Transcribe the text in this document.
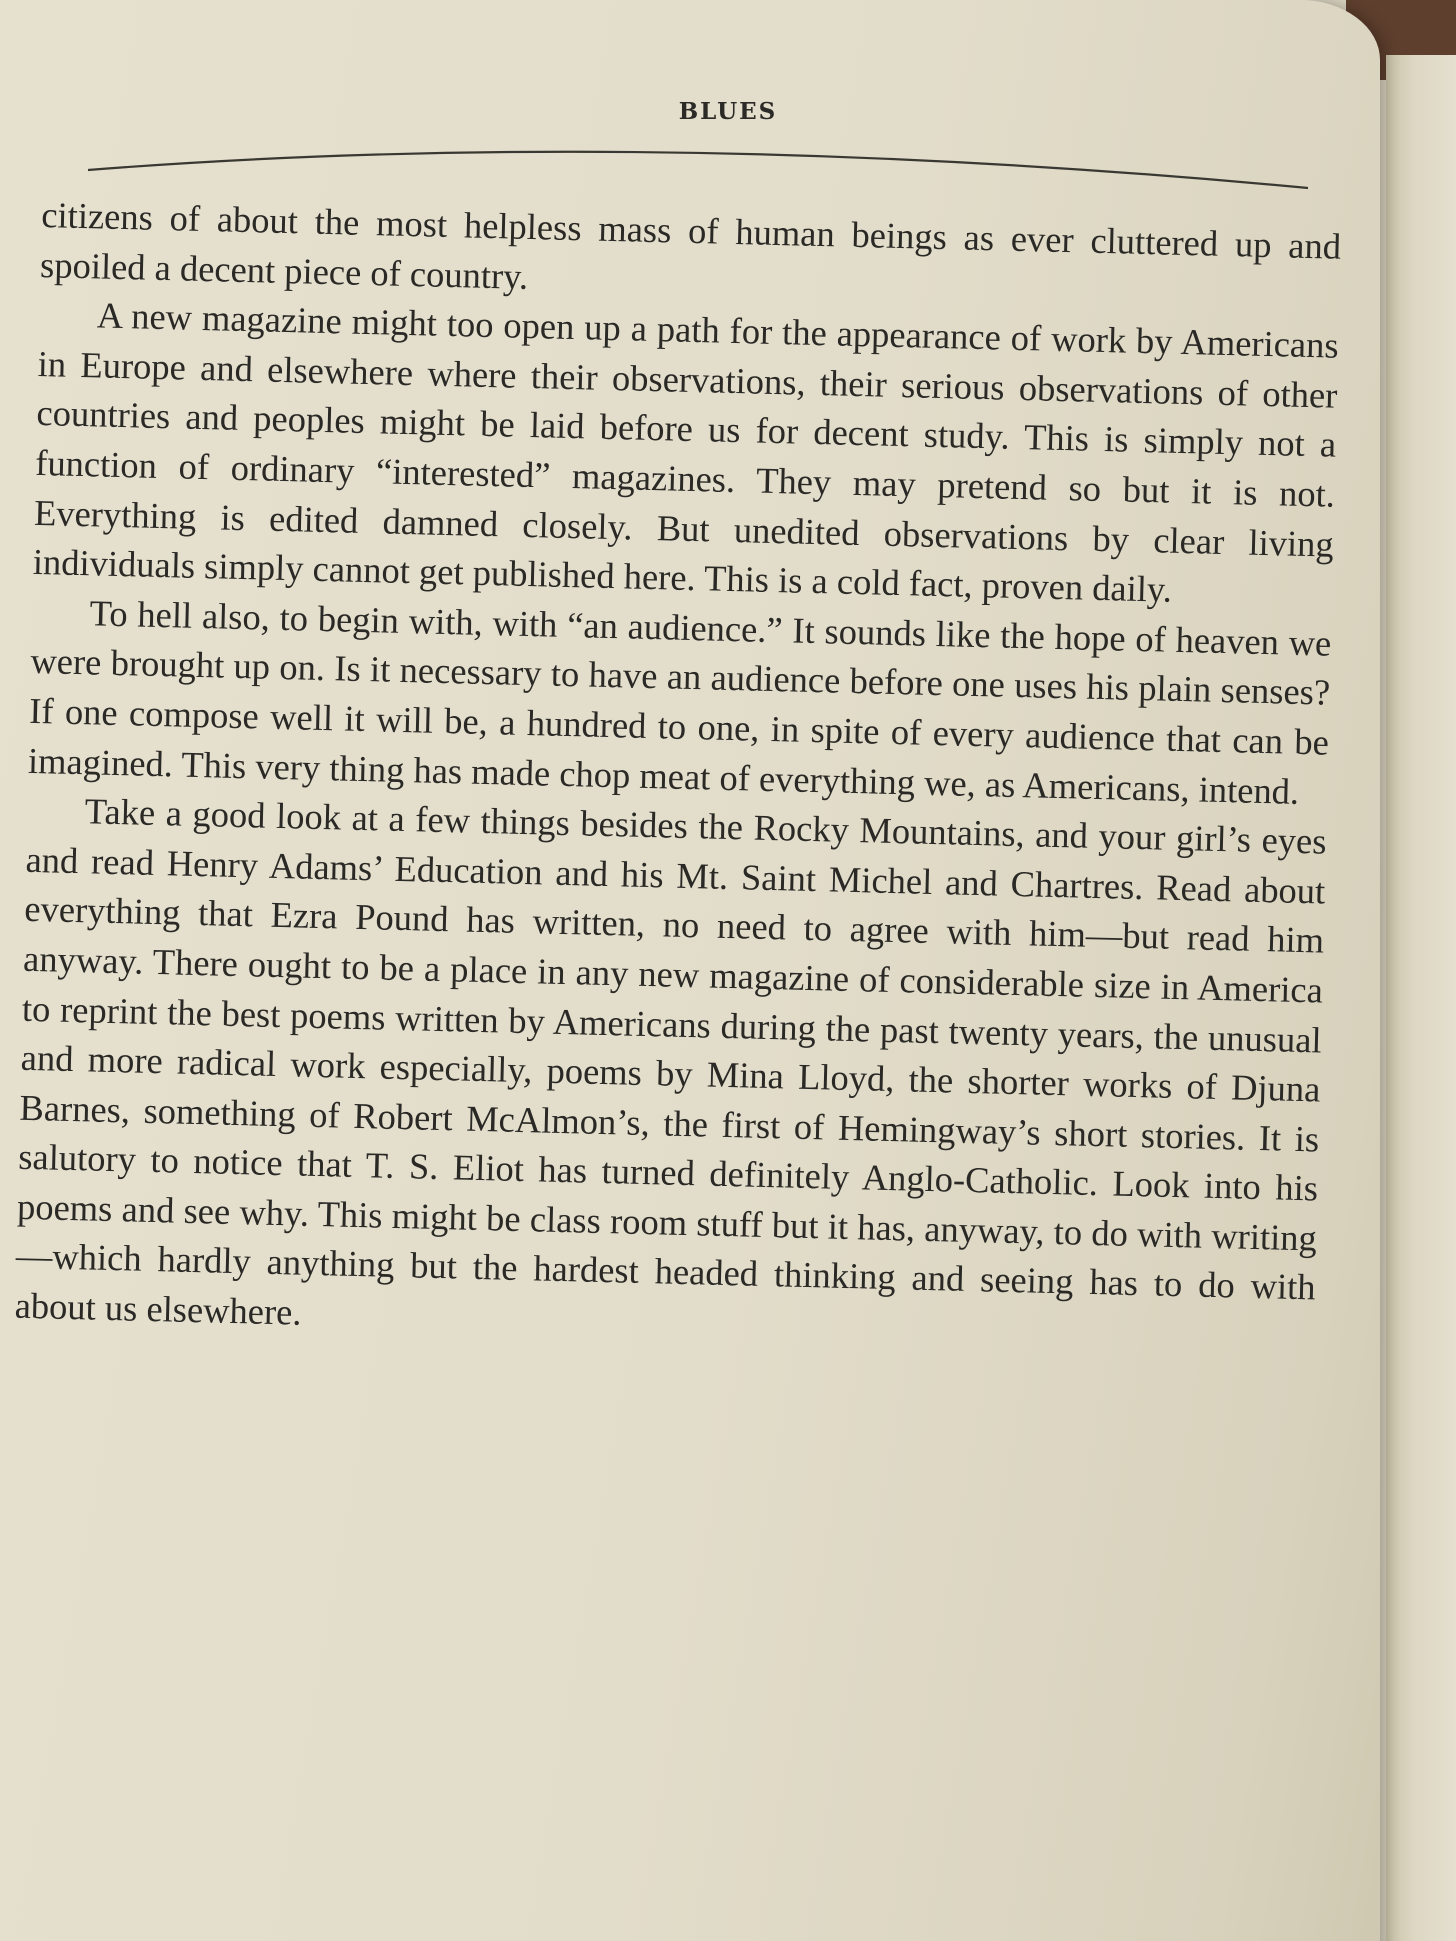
BLUES

citizens of about the most helpless mass of human beings as ever cluttered up and spoiled a decent piece of country.

A new magazine might too open up a path for the appearance of work by Americans in Europe and elsewhere where their observations, their serious observations of other countries and peoples might be laid before us for decent study. This is simply not a function of ordinary “interested” magazines. They may pretend so but it is not. Everything is edited damned closely. But unedited observations by clear living individuals simply cannot get published here. This is a cold fact, proven daily.

To hell also, to begin with, with “an audience.” It sounds like the hope of heaven we were brought up on. Is it necessary to have an audience before one uses his plain senses? If one compose well it will be, a hundred to one, in spite of every audience that can be imagined. This very thing has made chop meat of everything we, as Americans, intend.

Take a good look at a few things besides the Rocky Mountains, and your girl’s eyes and read Henry Adams’ Education and his Mt. Saint Michel and Chartres. Read about everything that Ezra Pound has written, no need to agree with him—but read him anyway. There ought to be a place in any new magazine of considerable size in America to reprint the best poems written by Americans during the past twenty years, the unusual and more radical work especially, poems by Mina Lloyd, the shorter works of Djuna Barnes, something of Robert McAlmon’s, the first of Hemingway’s short stories. It is salutory to notice that T. S. Eliot has turned definitely Anglo-Catholic. Look into his poems and see why. This might be class room stuff but it has, anyway, to do with writing—which hardly anything but the hardest headed thinking and seeing has to do with about us elsewhere.
